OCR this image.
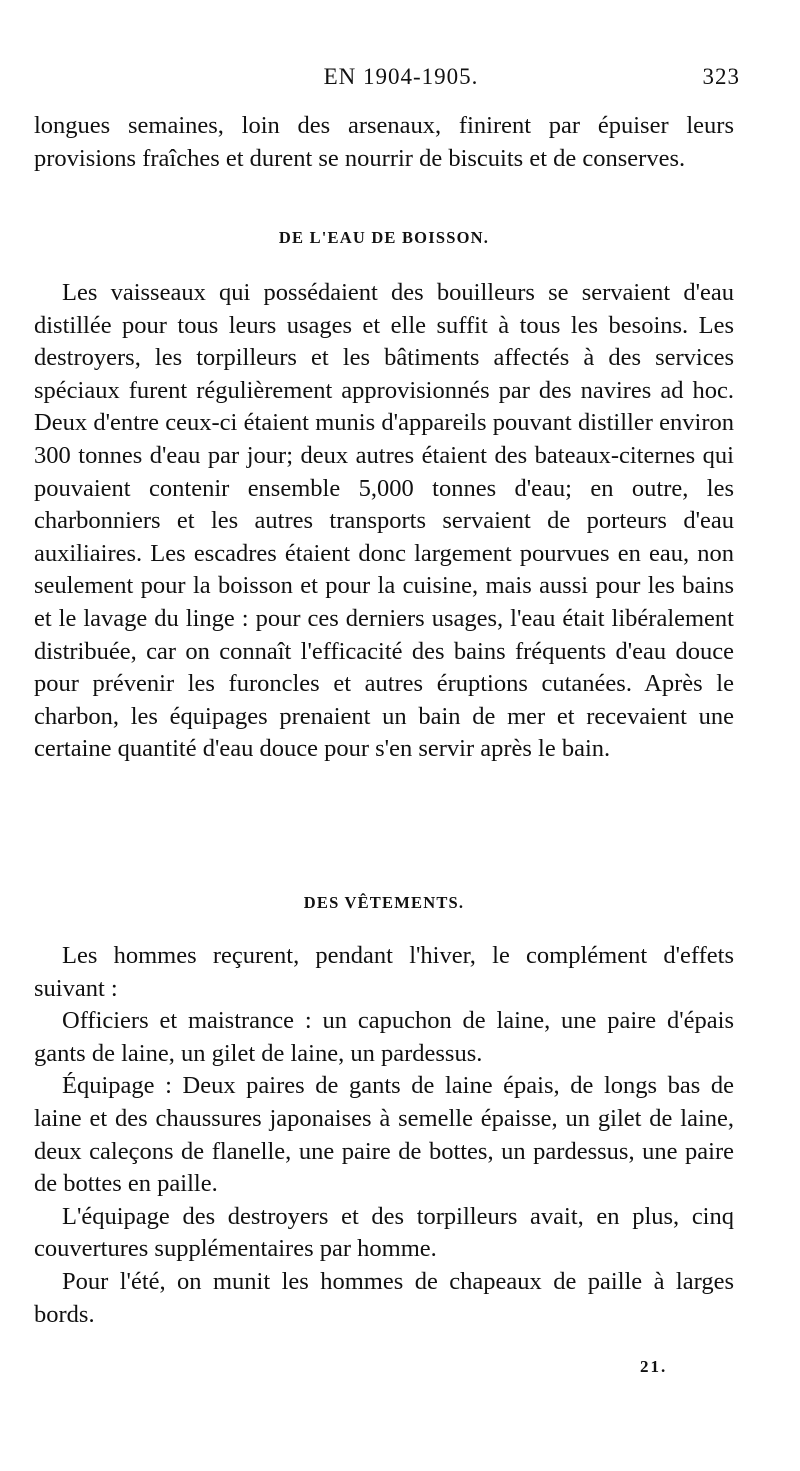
EN 1904-1905.	323

longues semaines, loin des arsenaux, finirent par épuiser leurs provisions fraîches et durent se nourrir de biscuits et de conserves.

DE L'EAU DE BOISSON.

Les vaisseaux qui possédaient des bouilleurs se servaient d'eau distillée pour tous leurs usages et elle suffit à tous les besoins. Les destroyers, les torpilleurs et les bâtiments affectés à des services spéciaux furent régulièrement approvisionnés par des navires ad hoc. Deux d'entre ceux-ci étaient munis d'appareils pouvant distiller environ 300 tonnes d'eau par jour; deux autres étaient des bateaux-citernes qui pouvaient contenir ensemble 5,000 tonnes d'eau; en outre, les charbonniers et les autres transports servaient de porteurs d'eau auxiliaires. Les escadres étaient donc largement pourvues en eau, non seulement pour la boisson et pour la cuisine, mais aussi pour les bains et le lavage du linge : pour ces derniers usages, l'eau était libéralement distribuée, car on connaît l'efficacité des bains fréquents d'eau douce pour prévenir les furoncles et autres éruptions cutanées. Après le charbon, les équipages prenaient un bain de mer et recevaient une certaine quantité d'eau douce pour s'en servir après le bain.

DES VÊTEMENTS.

Les hommes reçurent, pendant l'hiver, le complément d'effets suivant :

Officiers et maistrance : un capuchon de laine, une paire d'épais gants de laine, un gilet de laine, un pardessus.

Équipage : Deux paires de gants de laine épais, de longs bas de laine et des chaussures japonaises à semelle épaisse, un gilet de laine, deux caleçons de flanelle, une paire de bottes, un pardessus, une paire de bottes en paille.

L'équipage des destroyers et des torpilleurs avait, en plus, cinq couvertures supplémentaires par homme.

Pour l'été, on munit les hommes de chapeaux de paille à larges bords.

21.
